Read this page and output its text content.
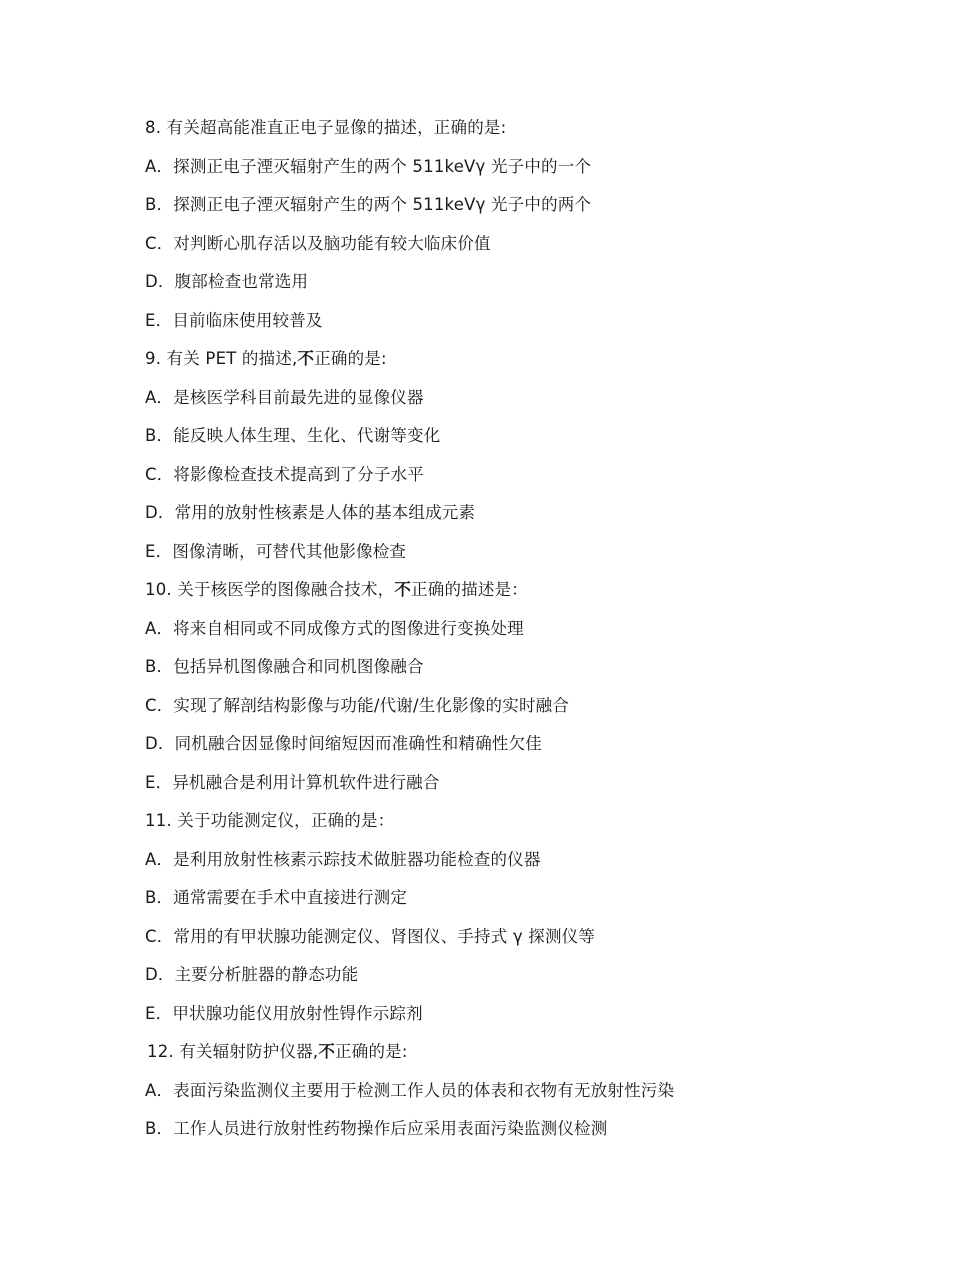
8. 有关超高能准直正电子显像的描述，正确的是:
A．探测正电子湮灭辐射产生的两个 511keVγ 光子中的一个
B．探测正电子湮灭辐射产生的两个 511keVγ 光子中的两个
C．对判断心肌存活以及脑功能有较大临床价值
D．腹部检查也常选用
E．目前临床使用较普及
9. 有关 PET 的描述,不正确的是:
A．是核医学科目前最先进的显像仪器
B．能反映人体生理、生化、代谢等变化
C．将影像检查技术提高到了分子水平
D．常用的放射性核素是人体的基本组成元素
E．图像清晰，可替代其他影像检查
10. 关于核医学的图像融合技术，不正确的描述是：
A．将来自相同或不同成像方式的图像进行变换处理
B．包括异机图像融合和同机图像融合
C．实现了解剖结构影像与功能/代谢/生化影像的实时融合
D．同机融合因显像时间缩短因而准确性和精确性欠佳
E．异机融合是利用计算机软件进行融合
11. 关于功能测定仪，正确的是：
A．是利用放射性核素示踪技术做脏器功能检查的仪器
B．通常需要在手术中直接进行测定
C．常用的有甲状腺功能测定仪、肾图仪、手持式 γ 探测仪等
D．主要分析脏器的静态功能
E．甲状腺功能仪用放射性锝作示踪剂
12. 有关辐射防护仪器,不正确的是:
A．表面污染监测仪主要用于检测工作人员的体表和衣物有无放射性污染
B．工作人员进行放射性药物操作后应采用表面污染监测仪检测
